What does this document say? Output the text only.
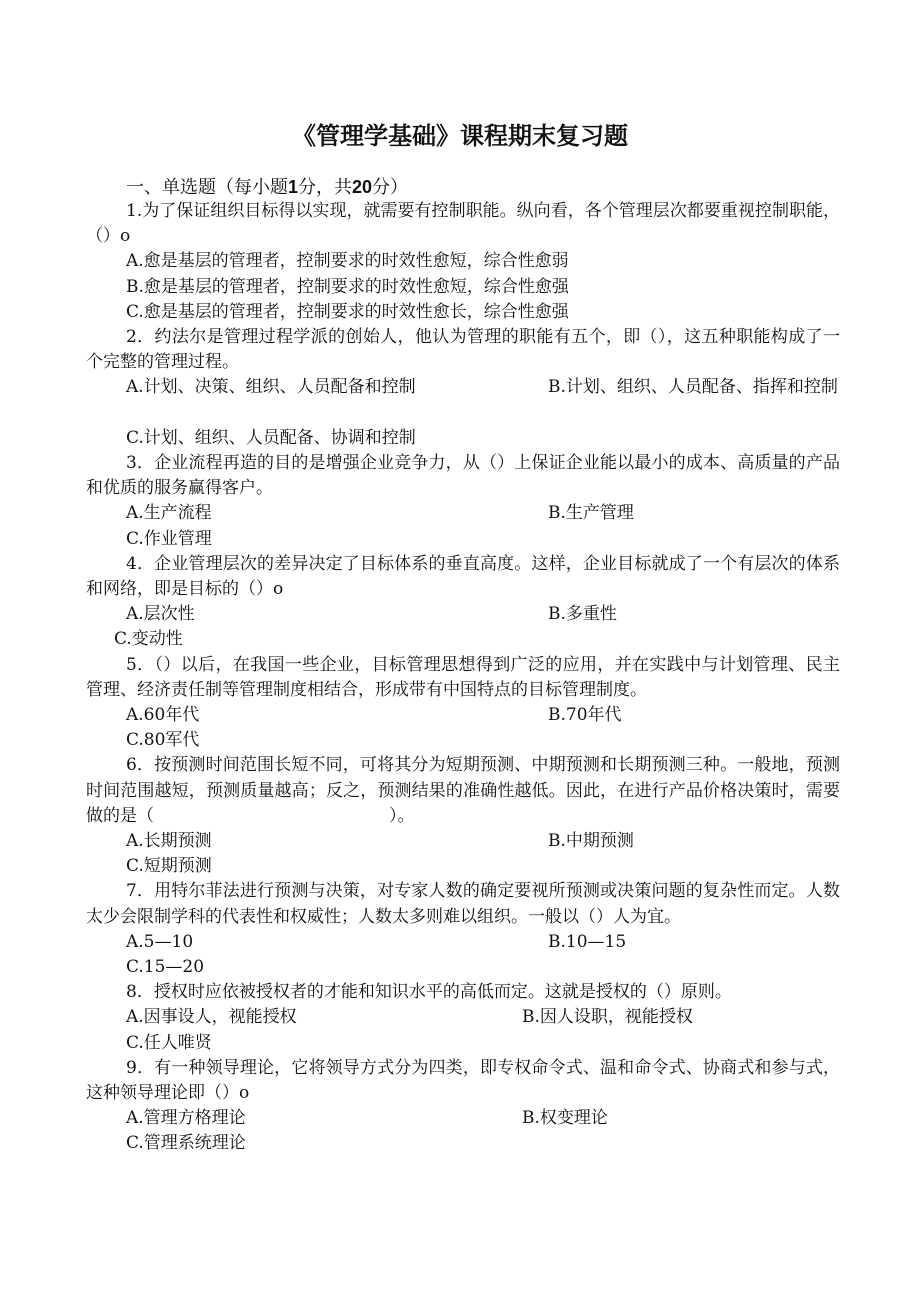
《管理学基础》课程期末复习题
一、单选题（每小题1分，共20分）

1.为了保证组织目标得以实现，就需要有控制职能。纵向看，各个管理层次都要重视控制职能，（）o

A.愈是基层的管理者，控制要求的时效性愈短，综合性愈弱

B.愈是基层的管理者，控制要求的时效性愈短，综合性愈强

C.愈是基层的管理者，控制要求的时效性愈长，综合性愈强

2．约法尔是管理过程学派的创始人，他认为管理的职能有五个，即（），这五种职能构成了一个完整的管理过程。

A.计划、决策、组织、人员配备和控制	B.计划、组织、人员配备、指挥和控制

C.计划、组织、人员配备、协调和控制

3．企业流程再造的目的是增强企业竞争力，从（）上保证企业能以最小的成本、高质量的产品和优质的服务赢得客户。

A.生产流程	B.生产管理

C.作业管理

4．企业管理层次的差异决定了目标体系的垂直高度。这样，企业目标就成了一个有层次的体系和网络，即是目标的（）o

A.层次性	B.多重性

C.变动性

5．（）以后，在我国一些企业，目标管理思想得到广泛的应用，并在实践中与计划管理、民主管理、经济责任制等管理制度相结合，形成带有中国特点的目标管理制度。

A.60年代	B.70年代

C.80军代

6．按预测时间范围长短不同，可将其分为短期预测、中期预测和长期预测三种。一般地，预测时间范围越短，预测质量越高；反之，预测结果的准确性越低。因此，在进行产品价格决策时，需要做的是（	）。

A.长期预测	B.中期预测

C.短期预测

7．用特尔菲法进行预测与决策，对专家人数的确定要视所预测或决策问题的复杂性而定。人数太少会限制学科的代表性和权威性；人数太多则难以组织。一般以（）人为宜。

A.5—10	B.10—15

C.15—20

8．授权时应依被授权者的才能和知识水平的高低而定。这就是授权的（）原则。

A.因事设人，视能授权	B.因人设职，视能授权

C.任人唯贤

9．有一种领导理论，它将领导方式分为四类，即专权命令式、温和命令式、协商式和参与式，这种领导理论即（）o

A.管理方格理论	B.权变理论

C.管理系统理论
